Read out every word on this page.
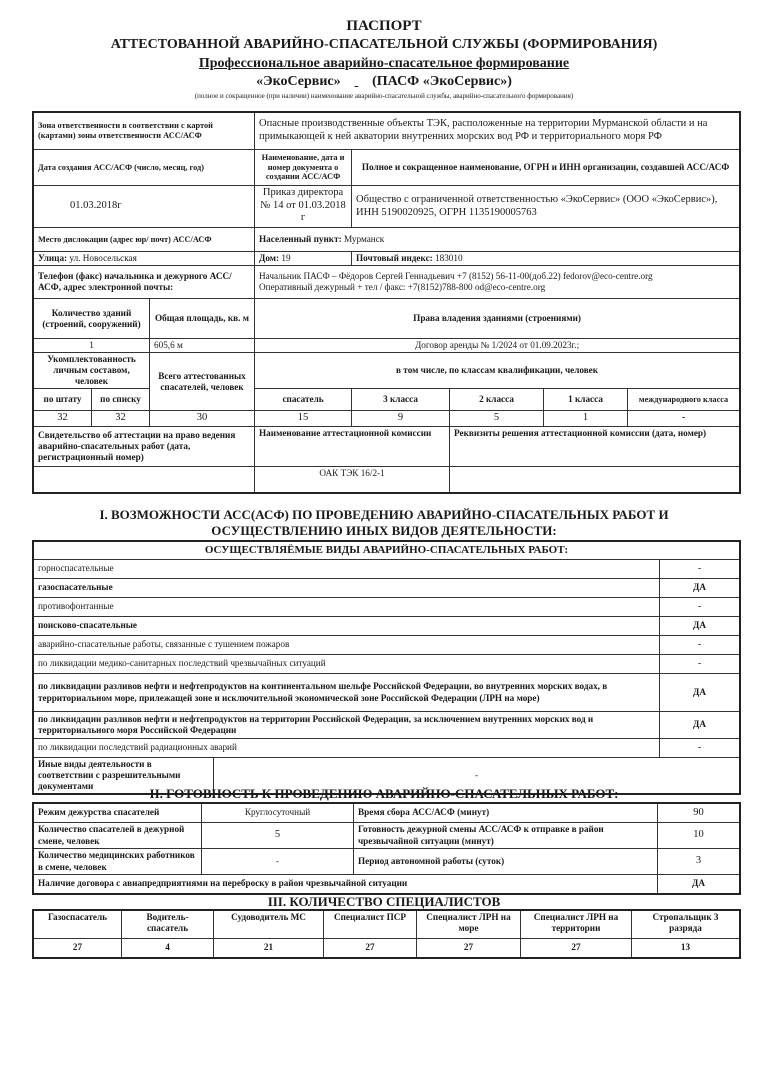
ПАСПОРТ
АТТЕСТОВАННОЙ АВАРИЙНО-СПАСАТЕЛЬНОЙ СЛУЖБЫ (ФОРМИРОВАНИЯ)
Профессиональное аварийно-спасательное формирование
«ЭкоСервис» (ПАСФ «ЭкоСервис»)
(полное и сокращенное (при наличии) наименование аварийно-спасательной службы, аварийно-спасательного формирования)
Зона ответственности в соответствии с картой (картами) зоны ответственности АСС/АСФ			Опасные производственные объекты ТЭК, расположенные на территории Мурманской области и на примыкающей к ней акватории внутренних морских вод РФ и территориального моря РФ				
Дата создания АСС/АСФ (число, месяц, год)			Наименование, дата и номер документа о создании АСС/АСФ	Полное и сокращенное наименование, ОГРН и ИНН организации, создавшей АСС/АСФ			
01.03.2018г			Приказ директора № 14 от 01.03.2018 г	Общество с ограниченной ответственностью «ЭкоСервис» (ООО «ЭкоСервис»), ИНН 5190020925, ОГРН 1135190005763			
Место дислокации (адрес юр/ почт) АСС/АСФ			Населенный пункт: Мурманск				
Улица: ул. Новосельская			Дом: 19	Почтовый индекс: 183010			
Телефон (факс) начальника и дежурного АСС/АСФ, адрес электронной почты:			Начальник ПАСФ – Фёдоров Сергей Геннадьевич +7 (8152) 56-11-00(доб.22) fedorov@eco-centre.org
Оперативный дежурный + тел / факс: +7(8152)788-800 od@eco-centre.org				

Количество зданий (строений, сооружений)		Общая площадь, кв. м	Права владения зданиями (строениями)				
1		605,6 м	Договор аренды № 1/2024 от 01.09.2023г.;				
Укомплектованность личным составом, человек		Всего аттестованных спасателей, человек	в том числе, по классам квалификации, человек				
по штату	по списку		спасатель	3 класса	2 класса	1 класса	международного класса
32	32	30	15	9	5	1	-
Свидетельство об аттестации на право ведения аварийно-спасательных работ (дата, регистрационный номер)			Наименование аттестационной комиссии		Реквизиты решения аттестационной комиссии (дата, номер)		
			ОАК ТЭК 16/2-1				
I. ВОЗМОЖНОСТИ АСС(АСФ) ПО ПРОВЕДЕНИЮ АВАРИЙНО-СПАСАТЕЛЬНЫХ РАБОТ И
ОСУЩЕСТВЛЕНИЮ ИНЫХ ВИДОВ ДЕЯТЕЛЬНОСТИ:
ОСУЩЕСТВЛЯЁМЫЕ ВИДЫ АВАРИЙНО-СПАСАТЕЛЬНЫХ РАБОТ:		
горноспасательные		-
газоспасательные		ДА
противофонтанные		-
поисково-спасательные		ДА
аварийно-спасательные работы, связанные с тушением пожаров		-
по ликвидации медико-санитарных последствий чрезвычайных ситуаций		-
по ликвидации разливов нефти и нефтепродуктов на континентальном шельфе Российской Федерации, во внутренних морских водах, в территориальном море, прилежащей зоне и исключительной экономической зоне Российской Федерации (ЛРН на море)		ДА
по ликвидации разливов нефти и нефтепродуктов на территории Российской Федерации, за исключением внутренних морских вод и территориального моря Российской Федерации		ДА
по ликвидации последствий радиационных аварий		-
Иные виды деятельности в соответствии с разрешительными документами	-	
II. ГОТОВНОСТЬ К ПРОВЕДЕНИЮ АВАРИЙНО-СПАСАТЕЛЬНЫХ РАБОТ:
Режим дежурства спасателей	Круглосуточный	Время сбора АСС/АСФ (минут)	90
Количество спасателей в дежурной смене, человек	5	Готовность дежурной смены АСС/АСФ к отправке в район чрезвычайной ситуации (минут)	10
Количество медицинских работников в смене, человек	-	Период автономной работы (суток)	3
Наличие договора с авиапредприятиями на переброску в район чрезвычайной ситуации			ДА
III. КОЛИЧЕСТВО СПЕЦИАЛИСТОВ
Газоспасатель	Водитель-спасатель	Судоводитель МС	Специалист ПСР	Специалист ЛРН на море	Специалист ЛРН на территории	Стропальщик 3 разряда
27	4	21	27	27	27	13
